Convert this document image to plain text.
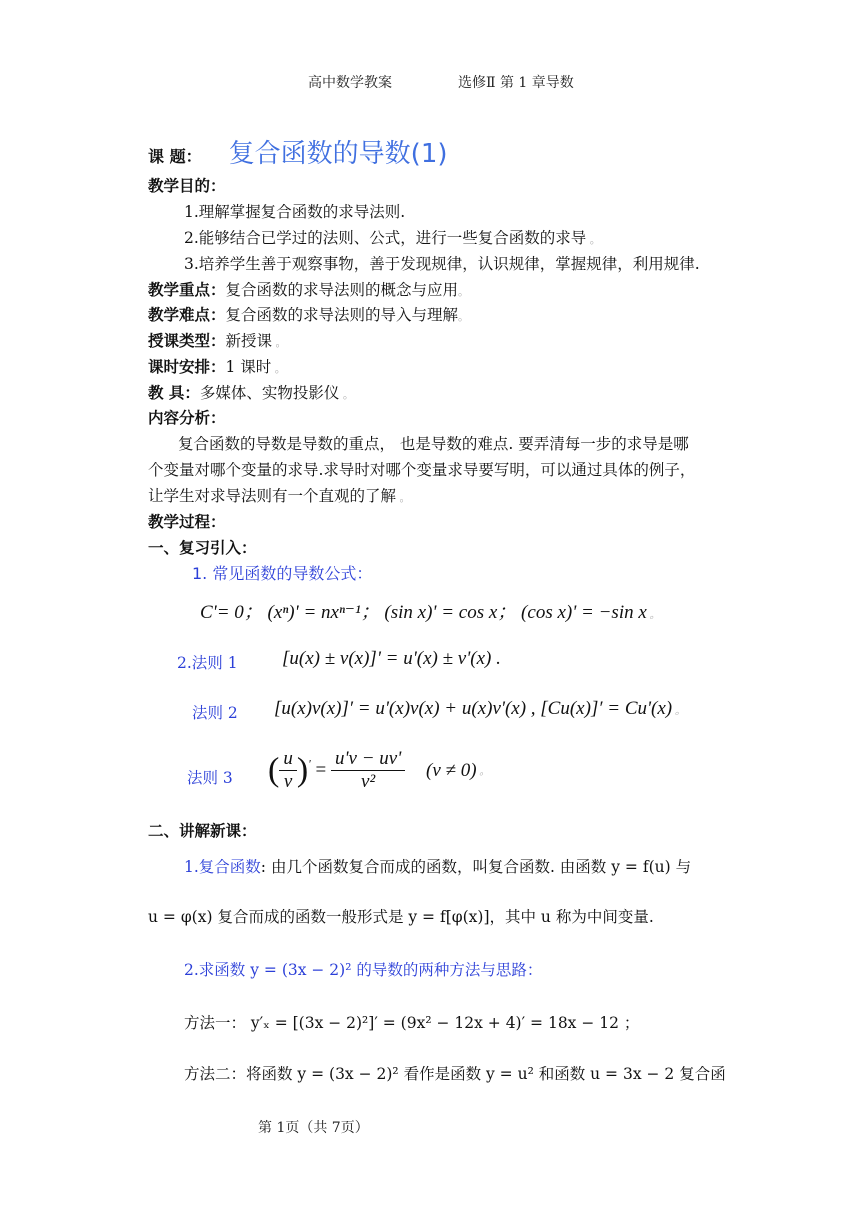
高中数学教案	选修Ⅱ 第 1 章导数
课 题： 复合函数的导数(1)
教学目的：
1.理解掌握复合函数的求导法则.
2.能够结合已学过的法则、公式，进行一些复合函数的求导 。
3.培养学生善于观察事物，善于发现规律，认识规律，掌握规律，利用规律.
教学重点：复合函数的求导法则的概念与应用。
教学难点：复合函数的求导法则的导入与理解。
授课类型：新授课 。
课时安排：1 课时 。
教 具：多媒体、实物投影仪 。
内容分析：
复合函数的导数是导数的重点， 也是导数的难点. 要弄清每一步的求导是哪
个变量对哪个变量的求导.求导时对哪个变量求导要写明，可以通过具体的例子，
让学生对求导法则有一个直观的了解 。
教学过程：
一、复习引入：
1. 常见函数的导数公式：
C'= 0； (xⁿ)' = nxⁿ⁻¹； (sin x)' = cos x； (cos x)' = −sin x 。
2.法则 1 [u(x) ± v(x)]' = u'(x) ± v'(x) .
法则 2 [u(x)v(x)]′ = u'(x)v(x) + u(x)v'(x) , [Cu(x)]′ = Cu'(x) 。
法则 3 ( $\frac{u}{v} )' = \frac{u'v - uv'}{\text{v²}} (v \ne 0)$ 。
二、讲解新课：
1.复合函数: 由几个函数复合而成的函数，叫复合函数. 由函数 y = f(u) 与
u = φ(x) 复合而成的函数一般形式是 y = f[φ(x)]，其中 u 称为中间变量.
2.求函数 y = (3x − 2)² 的导数的两种方法与思路：
方法一： y′ₓ = [(3x − 2)²]′ = (9x² − 12x + 4)′ = 18x − 12 ；
方法二：将函数 y = (3x − 2)² 看作是函数 y = u² 和函数 u = 3x − 2 复合函
第 1页（共 7页）
